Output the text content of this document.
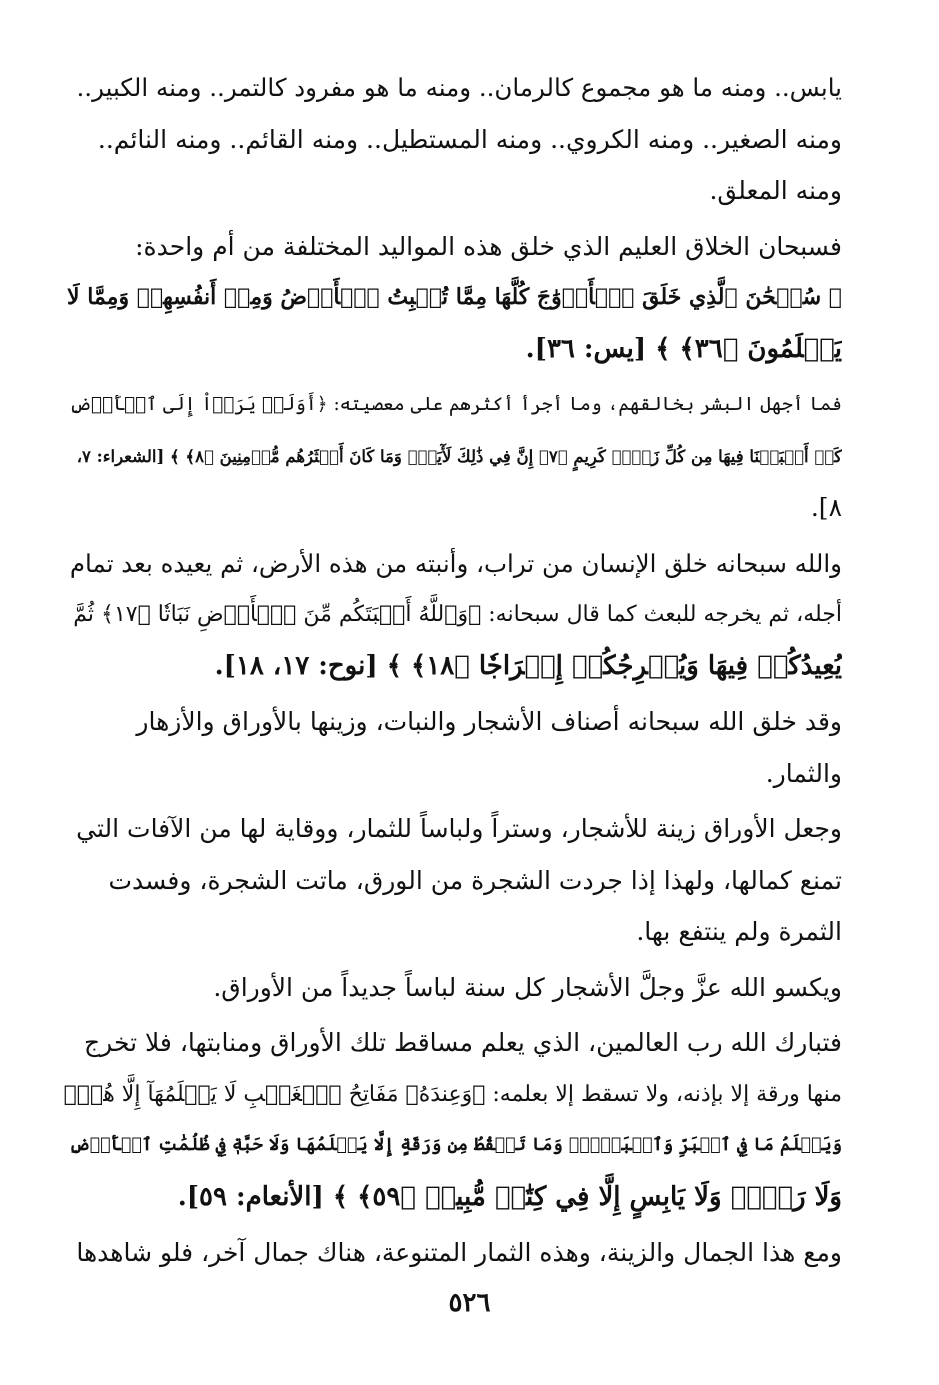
يابس.. ومنه ما هو مجموع كالرمان.. ومنه ما هو مفرود كالتمر.. ومنه الكبير..
ومنه الصغير.. ومنه الكروي.. ومنه المستطيل.. ومنه القائم.. ومنه النائم..
ومنه المعلق.
فسبحان الخلاق العليم الذي خلق هذه المواليد المختلفة من أم واحدة:
﴿ سُبۡحَٰنَ ٱلَّذِي خَلَقَ ٱلۡأَزۡوَٰجَ كُلَّهَا مِمَّا تُنۢبِتُ ٱلۡأَرۡضُ وَمِنۡ أَنفُسِهِمۡ وَمِمَّا لَا
يَعۡلَمُونَ ﴿٣٦﴾ ﴾ [يس: ٣٦].
فما أجهل البشر بخالقهم، وما أجرأ أكثرهم على معصيته: ﴿أَوَلَمۡ يَرَوۡاْ إِلَى ٱلۡأَرۡضِ
كَمۡ أَنۢبَتۡنَا فِيهَا مِن كُلِّ زَوۡجٖ كَرِيمٍ ﴿٧﴾ إِنَّ فِي ذَٰلِكَ لَأٓيَةٗۖ وَمَا كَانَ أَكۡثَرُهُم مُّؤۡمِنِينَ ﴿٨﴾ ﴾ [الشعراء: ٧،
٨].
والله سبحانه خلق الإنسان من تراب، وأنبته من هذه الأرض، ثم يعيده بعد تمام
أجله، ثم يخرجه للبعث كما قال سبحانه: ﴿وَٱللَّهُ أَنۢبَتَكُم مِّنَ ٱلۡأَرۡضِ نَبَاتٗا ﴿١٧﴾ ثُمَّ
يُعِيدُكُمۡ فِيهَا وَيُخۡرِجُكُمۡ إِخۡرَاجٗا ﴿١٨﴾ ﴾ [نوح: ١٧، ١٨].
وقد خلق الله سبحانه أصناف الأشجار والنبات، وزينها بالأوراق والأزهار
والثمار.
وجعل الأوراق زينة للأشجار، وستراً ولباساً للثمار، ووقاية لها من الآفات التي
تمنع كمالها، ولهذا إذا جردت الشجرة من الورق، ماتت الشجرة، وفسدت
الثمرة ولم ينتفع بها.
ويكسو الله عزَّ وجلَّ الأشجار كل سنة لباساً جديداً من الأوراق.
فتبارك الله رب العالمين، الذي يعلم مساقط تلك الأوراق ومنابتها، فلا تخرج
منها ورقة إلا بإذنه، ولا تسقط إلا بعلمه: ﴿وَعِندَهُۥ مَفَاتِحُ ٱلۡغَيۡبِ لَا يَعۡلَمُهَآ إِلَّا هُوَۚ
وَيَعۡلَمُ مَا فِي ٱلۡبَرِّ وَٱلۡبَحۡرِۚ وَمَا تَسۡقُطُ مِن وَرَقَةٍ إِلَّا يَعۡلَمُهَا وَلَا حَبَّةٖ فِي ظُلُمَٰتِ ٱلۡأَرۡضِ
وَلَا رَطۡبٖ وَلَا يَابِسٍ إِلَّا فِي كِتَٰبٖ مُّبِينٖ ﴿٥٩﴾ ﴾ [الأنعام: ٥٩].
ومع هذا الجمال والزينة، وهذه الثمار المتنوعة، هناك جمال آخر، فلو شاهدها
٥٢٦
